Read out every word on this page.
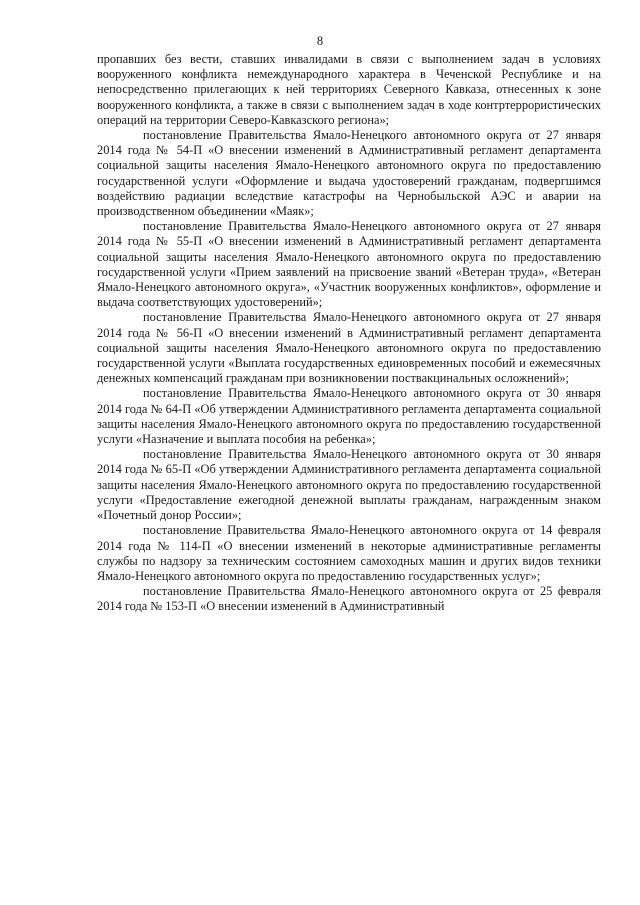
8

пропавших без вести, ставших инвалидами в связи с выполнением задач в условиях вооруженного конфликта немеждународного характера в Чеченской Республике и на непосредственно прилегающих к ней территориях Северного Кавказа, отнесенных к зоне вооруженного конфликта, а также в связи с выполнением задач в ходе контртеррористических операций на территории Северо-Кавказского региона»;

постановление Правительства Ямало-Ненецкого автономного округа от 27 января 2014 года № 54-П «О внесении изменений в Административный регламент департамента социальной защиты населения Ямало-Ненецкого автономного округа по предоставлению государственной услуги «Оформление и выдача удостоверений гражданам, подвергшимся воздействию радиации вследствие катастрофы на Чернобыльской АЭС и аварии на производственном объединении «Маяк»;

постановление Правительства Ямало-Ненецкого автономного округа от 27 января 2014 года № 55-П «О внесении изменений в Административный регламент департамента социальной защиты населения Ямало-Ненецкого автономного округа по предоставлению государственной услуги «Прием заявлений на присвоение званий «Ветеран труда», «Ветеран Ямало-Ненецкого автономного округа», «Участник вооруженных конфликтов», оформление и выдача соответствующих удостоверений»;

постановление Правительства Ямало-Ненецкого автономного округа от 27 января 2014 года № 56-П «О внесении изменений в Административный регламент департамента социальной защиты населения Ямало-Ненецкого автономного округа по предоставлению государственной услуги «Выплата государственных единовременных пособий и ежемесячных денежных компенсаций гражданам при возникновении поствакцинальных осложнений»;

постановление Правительства Ямало-Ненецкого автономного округа от 30 января 2014 года № 64-П «Об утверждении Административного регламента департамента социальной защиты населения Ямало-Ненецкого автономного округа по предоставлению государственной услуги «Назначение и выплата пособия на ребенка»;

постановление Правительства Ямало-Ненецкого автономного округа от 30 января 2014 года № 65-П «Об утверждении Административного регламента департамента социальной защиты населения Ямало-Ненецкого автономного округа по предоставлению государственной услуги «Предоставление ежегодной денежной выплаты гражданам, награжденным знаком «Почетный донор России»;

постановление Правительства Ямало-Ненецкого автономного округа от 14 февраля 2014 года № 114-П «О внесении изменений в некоторые административные регламенты службы по надзору за техническим состоянием самоходных машин и других видов техники Ямало-Ненецкого автономного округа по предоставлению государственных услуг»;

постановление Правительства Ямало-Ненецкого автономного округа от 25 февраля 2014 года № 153-П «О внесении изменений в Административный
